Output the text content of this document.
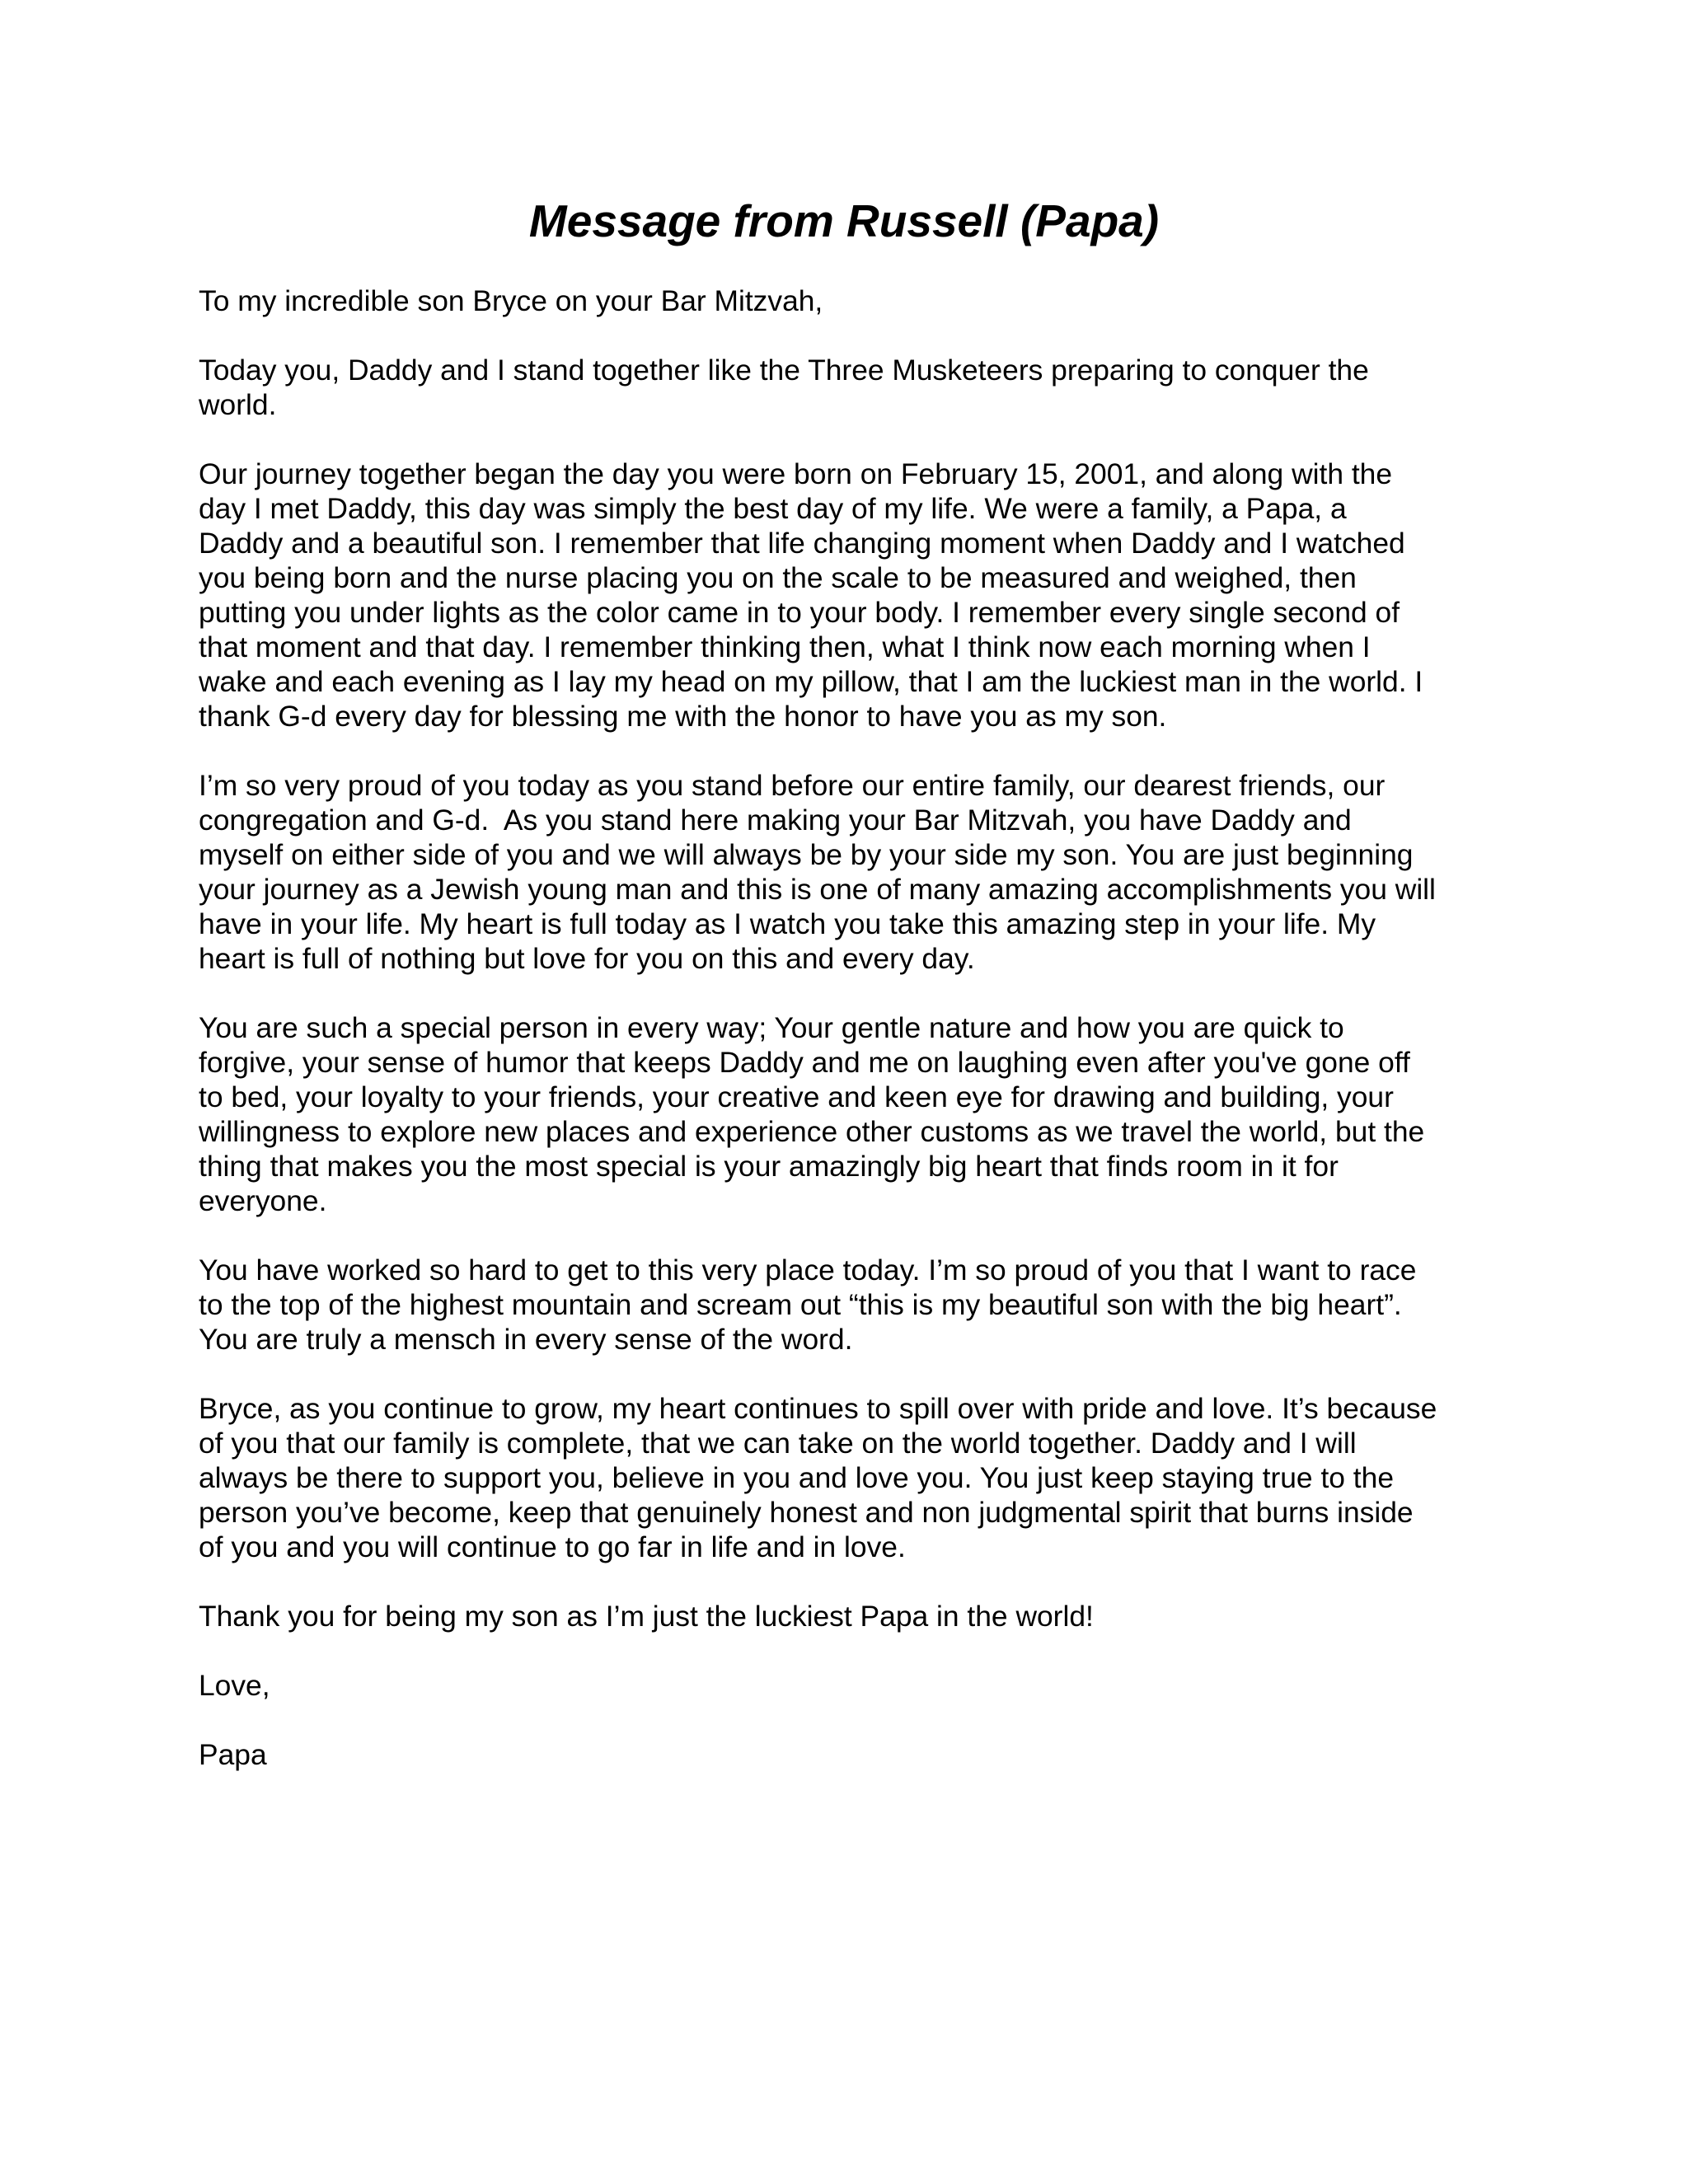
Message from Russell (Papa)
To my incredible son Bryce on your Bar Mitzvah,
Today you, Daddy and I stand together like the Three Musketeers preparing to conquer the
world.
Our journey together began the day you were born on February 15, 2001, and along with the
day I met Daddy, this day was simply the best day of my life. We were a family, a Papa, a
Daddy and a beautiful son. I remember that life changing moment when Daddy and I watched
you being born and the nurse placing you on the scale to be measured and weighed, then
putting you under lights as the color came in to your body. I remember every single second of
that moment and that day. I remember thinking then, what I think now each morning when I
wake and each evening as I lay my head on my pillow, that I am the luckiest man in the world. I
thank G-d every day for blessing me with the honor to have you as my son.
I’m so very proud of you today as you stand before our entire family, our dearest friends, our
congregation and G-d.  As you stand here making your Bar Mitzvah, you have Daddy and
myself on either side of you and we will always be by your side my son. You are just beginning
your journey as a Jewish young man and this is one of many amazing accomplishments you will
have in your life. My heart is full today as I watch you take this amazing step in your life. My
heart is full of nothing but love for you on this and every day.
You are such a special person in every way; Your gentle nature and how you are quick to
forgive, your sense of humor that keeps Daddy and me on laughing even after you've gone off
to bed, your loyalty to your friends, your creative and keen eye for drawing and building, your
willingness to explore new places and experience other customs as we travel the world, but the
thing that makes you the most special is your amazingly big heart that finds room in it for
everyone.
You have worked so hard to get to this very place today. I’m so proud of you that I want to race
to the top of the highest mountain and scream out “this is my beautiful son with the big heart”.
You are truly a mensch in every sense of the word.
Bryce, as you continue to grow, my heart continues to spill over with pride and love. It’s because
of you that our family is complete, that we can take on the world together. Daddy and I will
always be there to support you, believe in you and love you. You just keep staying true to the
person you’ve become, keep that genuinely honest and non judgmental spirit that burns inside
of you and you will continue to go far in life and in love.
Thank you for being my son as I’m just the luckiest Papa in the world!
Love,
Papa
